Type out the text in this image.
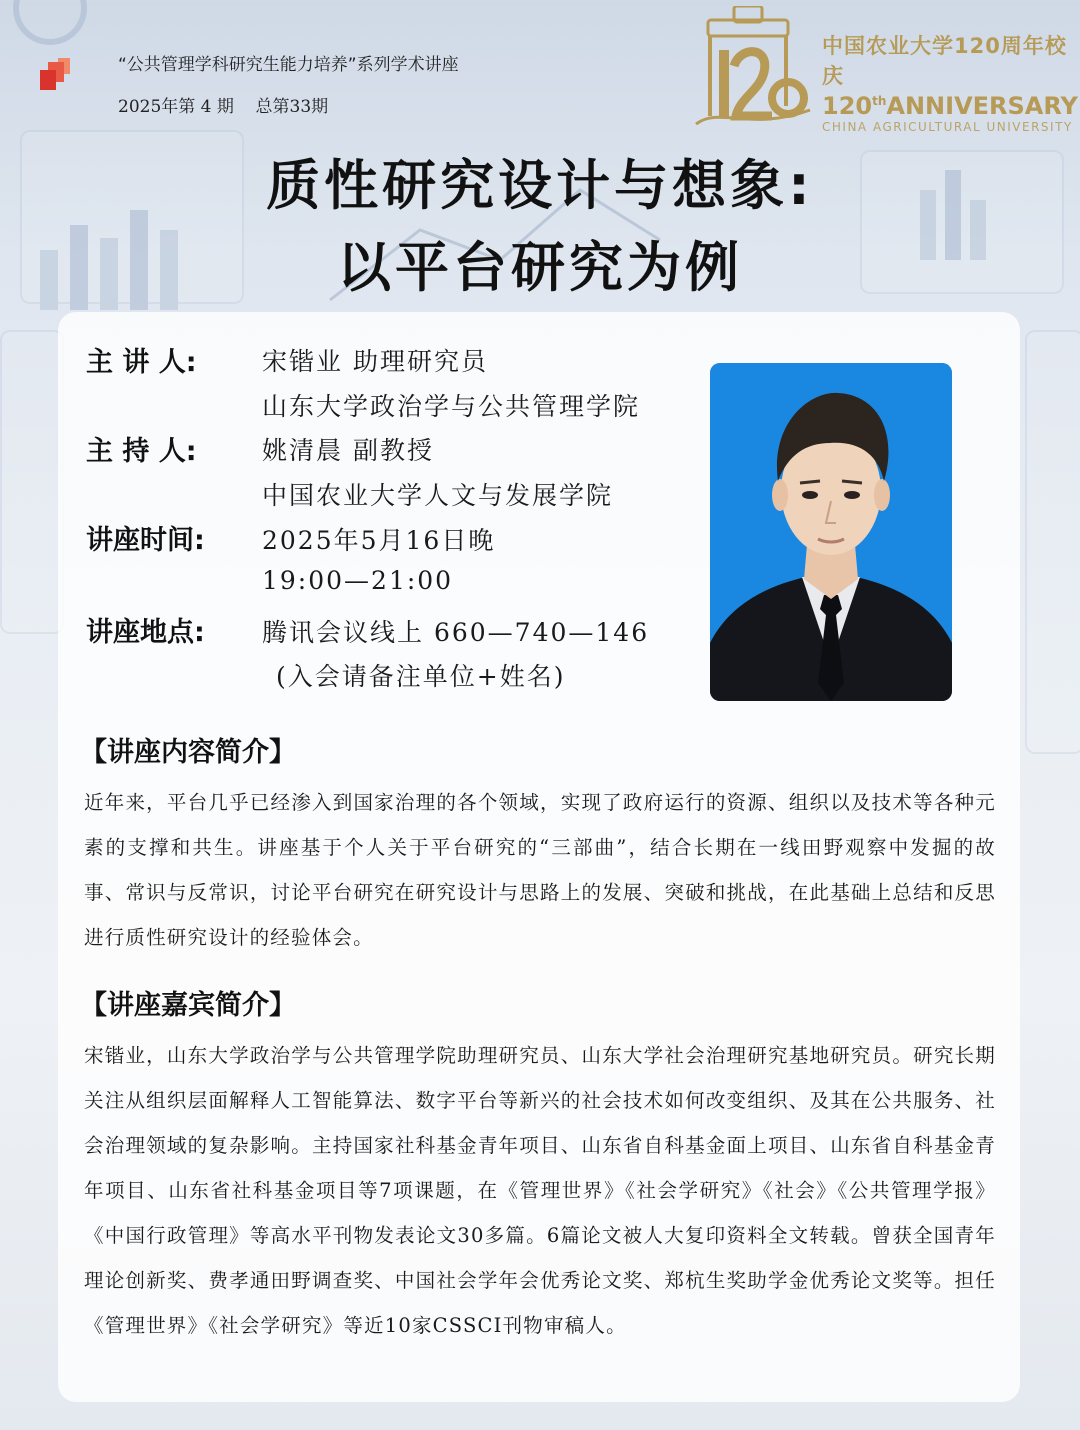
“公共管理学科研究生能力培养”系列学术讲座
2025年第 4 期    总第33期
中国农业大学120周年校庆
120thANNIVERSARY
CHINA AGRICULTURAL UNIVERSITY
质性研究设计与想象:
以平台研究为例
主 讲 人:	宋锴业 助理研究员
山东大学政治学与公共管理学院
主 持 人:	姚清晨 副教授
中国农业大学人文与发展学院
讲座时间: 2025年5月16日晚
19:00—21:00
讲座地点: 腾讯会议线上 660—740—146
(入会请备注单位+姓名)
【讲座内容简介】
近年来，平台几乎已经渗入到国家治理的各个领域，实现了政府运行的资源、组织以及技术等各种元素的支撑和共生。讲座基于个人关于平台研究的“三部曲”，结合长期在一线田野观察中发掘的故事、常识与反常识，讨论平台研究在研究设计与思路上的发展、突破和挑战，在此基础上总结和反思进行质性研究设计的经验体会。
【讲座嘉宾简介】
宋锴业，山东大学政治学与公共管理学院助理研究员、山东大学社会治理研究基地研究员。研究长期关注从组织层面解释人工智能算法、数字平台等新兴的社会技术如何改变组织、及其在公共服务、社会治理领域的复杂影响。主持国家社科基金青年项目、山东省自科基金面上项目、山东省自科基金青年项目、山东省社科基金项目等7项课题，在《管理世界》《社会学研究》《社会》《公共管理学报》《中国行政管理》等高水平刊物发表论文30多篇。6篇论文被人大复印资料全文转载。曾获全国青年理论创新奖、费孝通田野调查奖、中国社会学年会优秀论文奖、郑杭生奖助学金优秀论文奖等。担任《管理世界》《社会学研究》等近10家CSSCI刊物审稿人。
